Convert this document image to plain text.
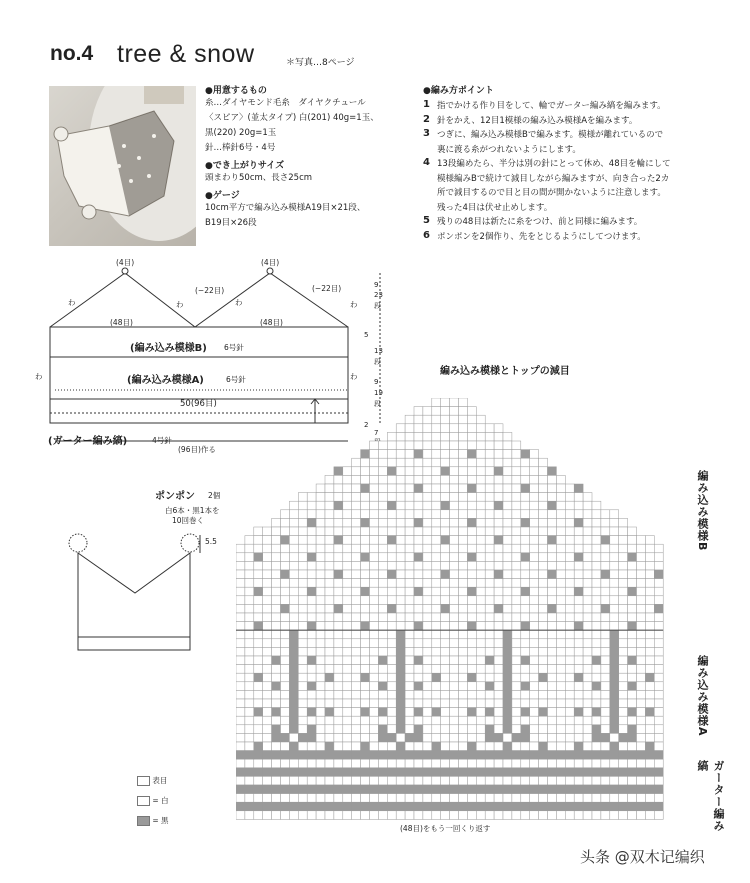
no.4 tree & snow	＊写真…8ページ
●用意するもの
糸…ダイヤモンド毛糸　ダイヤクチュール
〈スピア〉(並太タイプ) 白(201) 40g=1玉、
黒(220) 20g=1玉
針…棒針6号・4号
●でき上がりサイズ
頭まわり50cm、長さ25cm
●ゲージ
10cm平方で編み込み模様A19目×21段、
B19目×26段
●編み方ポイント
1 指でかける作り目をして、輪でガーター編み縞を編みます。
2 針をかえ、12目1模様の編み込み模様Aを編みます。
3 つぎに、編み込み模様Bで編みます。模様が離れているので
裏に渡る糸がつれないようにします。
4 13段編めたら、半分は別の針にとって休め、48目を輪にして
模様編みBで続けて減目しながら編みますが、向き合った2カ
所で減目するので目と目の間が開かないように注意します。
残った4目は伏せ止めします。
5 残りの48目は新たに糸をつけ、前と同様に編みます。
6 ポンポンを2個作り、先をとじるようにしてつけます。
(4目)	(4目)
(−22目)	(−22目)
わ	わ	わ	わ
わ	わ
(48目)	(48目)
(編み込み模様B) 6号針
(編み込み模様A)	6号針
50(96目)
(ガーター編み縞)	4号針
(96目)作る
9
23
段
5
13
段
9
19
段
2
7
ポンポン 2個
白6本・黒1本を
10回巻く
5.5
編み込み模様とトップの減目
編み込み模様B
編み込み模様A
ガーター編み縞
(48目)をもう一回くり返す
表目
= 白
= 黒
头条 @双木记编织
